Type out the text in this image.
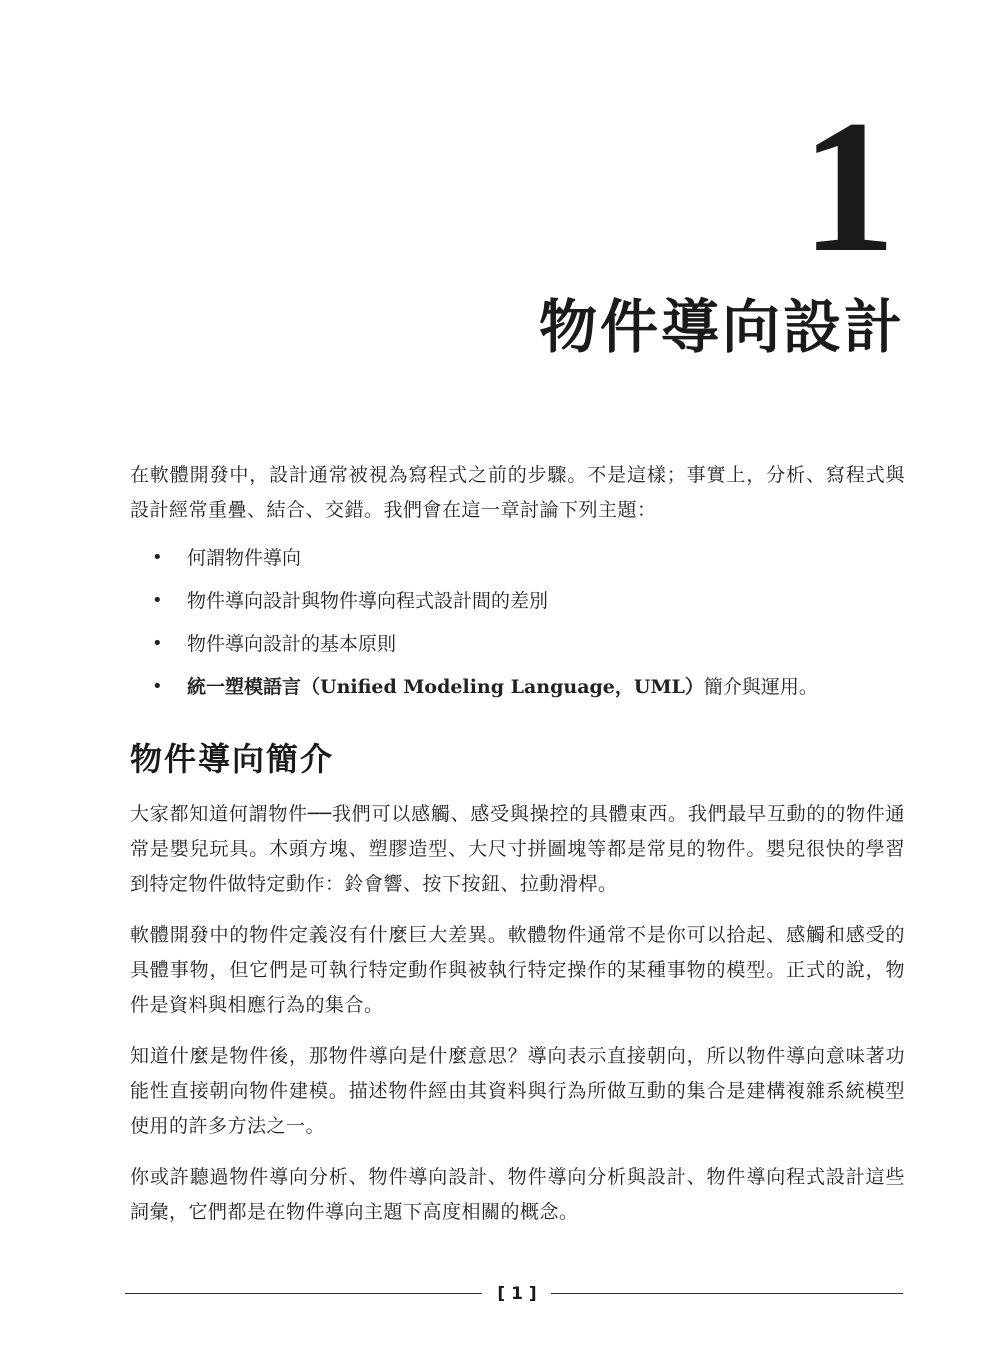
1
物件導向設計

在軟體開發中，設計通常被視為寫程式之前的步驟。不是這樣；事實上，分析、寫程式與設計經常重疊、結合、交錯。我們會在這一章討論下列主題：

• 何謂物件導向
• 物件導向設計與物件導向程式設計間的差別
• 物件導向設計的基本原則
• 統一塑模語言（Unified Modeling Language，UML）簡介與運用。
物件導向簡介

大家都知道何謂物件──我們可以感觸、感受與操控的具體東西。我們最早互動的的物件通常是嬰兒玩具。木頭方塊、塑膠造型、大尺寸拼圖塊等都是常見的物件。嬰兒很快的學習到特定物件做特定動作：鈴會響、按下按鈕、拉動滑桿。

軟體開發中的物件定義沒有什麼巨大差異。軟體物件通常不是你可以拾起、感觸和感受的具體事物，但它們是可執行特定動作與被執行特定操作的某種事物的模型。正式的說，物件是資料與相應行為的集合。

知道什麼是物件後，那物件導向是什麼意思？導向表示直接朝向，所以物件導向意味著功能性直接朝向物件建模。描述物件經由其資料與行為所做互動的集合是建構複雜系統模型使用的許多方法之一。

你或許聽過物件導向分析、物件導向設計、物件導向分析與設計、物件導向程式設計這些詞彙，它們都是在物件導向主題下高度相關的概念。

[ 1 ]
